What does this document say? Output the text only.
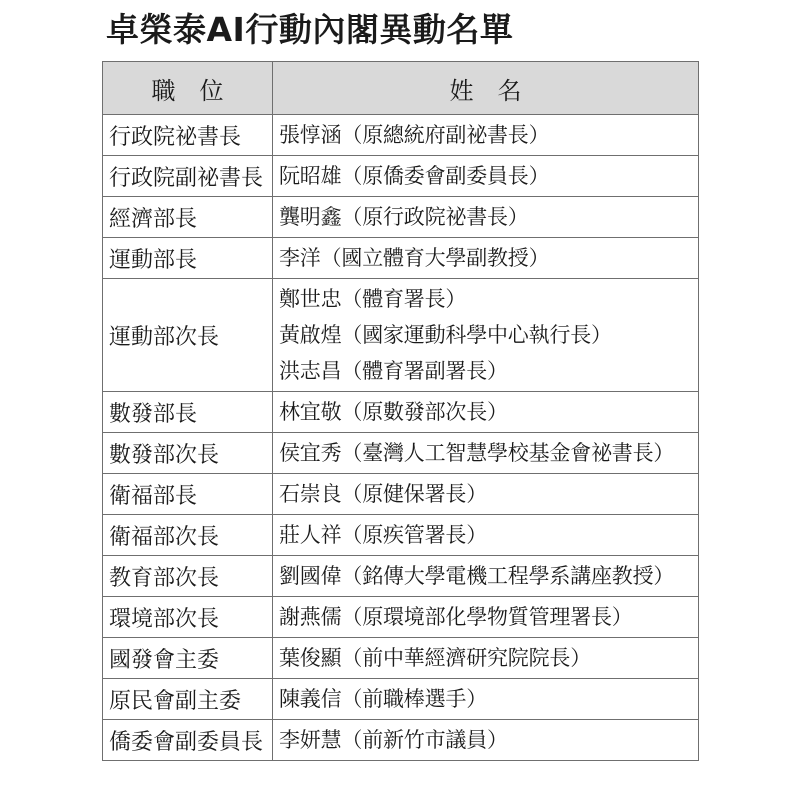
卓榮泰AI行動內閣異動名單
職　位	姓　名
行政院祕書長	張惇涵（原總統府副祕書長）

行政院副祕書長	阮昭雄（原僑委會副委員長）

經濟部長	龔明鑫（原行政院祕書長）

運動部長	李洋（國立體育大學副教授）

運動部次長	鄭世忠（體育署長）
黃啟煌（國家運動科學中心執行長）
洪志昌（體育署副署長）

數發部長	林宜敬（原數發部次長）

數發部次長	侯宜秀（臺灣人工智慧學校基金會祕書長）

衛福部長	石崇良（原健保署長）

衛福部次長	莊人祥（原疾管署長）

教育部次長	劉國偉（銘傳大學電機工程學系講座教授）

環境部次長	謝燕儒（原環境部化學物質管理署長）

國發會主委	葉俊顯（前中華經濟研究院院長）

原民會副主委	陳義信（前職棒選手）

僑委會副委員長	李妍慧（前新竹市議員）
